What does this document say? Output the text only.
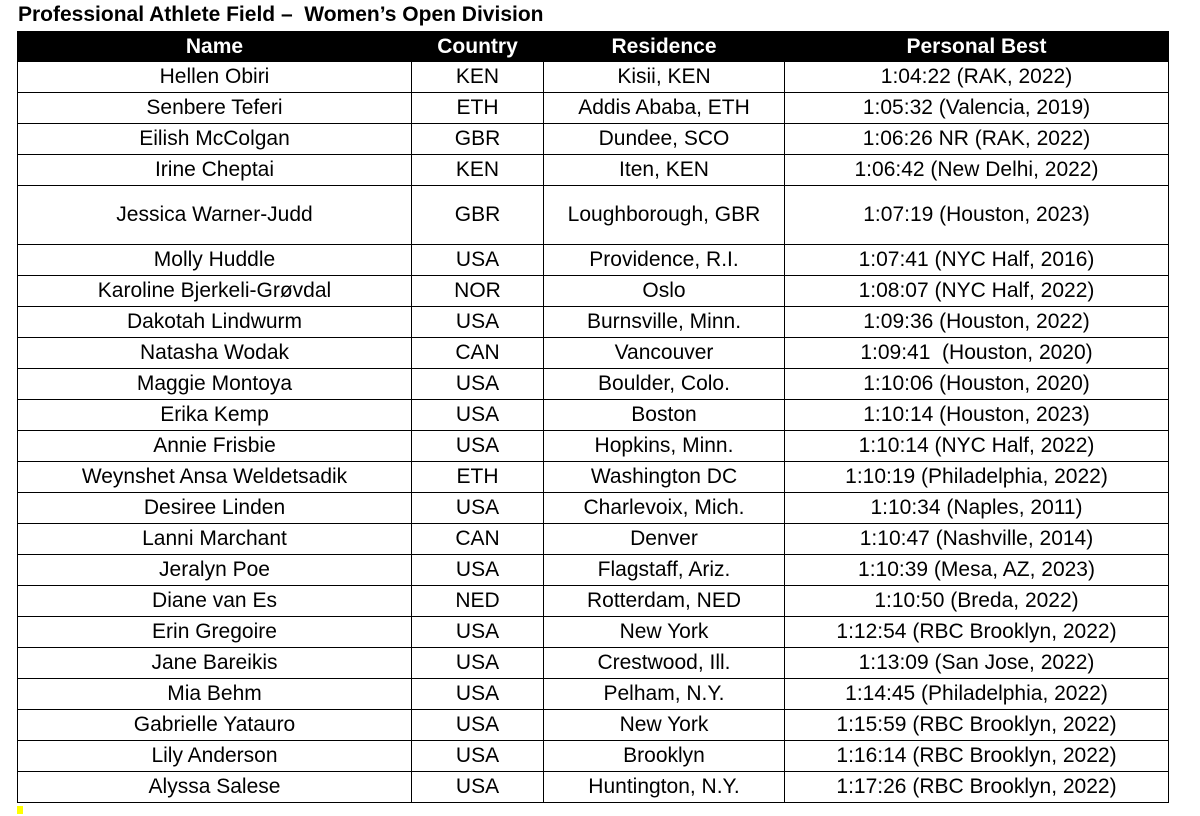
Professional Athlete Field –  Women’s Open Division
Name	Country	Residence	Personal Best
Hellen Obiri	KEN	Kisii, KEN	1:04:22 (RAK, 2022)
Senbere Teferi	ETH	Addis Ababa, ETH	1:05:32 (Valencia, 2019)
Eilish McColgan	GBR	Dundee, SCO	1:06:26 NR (RAK, 2022)
Irine Cheptai	KEN	Iten, KEN	1:06:42 (New Delhi, 2022)
Jessica Warner-Judd	GBR	Loughborough, GBR	1:07:19 (Houston, 2023)
Molly Huddle	USA	Providence, R.I.	1:07:41 (NYC Half, 2016)
Karoline Bjerkeli-Grøvdal	NOR	Oslo	1:08:07 (NYC Half, 2022)
Dakotah Lindwurm	USA	Burnsville, Minn.	1:09:36 (Houston, 2022)
Natasha Wodak	CAN	Vancouver	1:09:41  (Houston, 2020)
Maggie Montoya	USA	Boulder, Colo.	1:10:06 (Houston, 2020)
Erika Kemp	USA	Boston	1:10:14 (Houston, 2023)
Annie Frisbie	USA	Hopkins, Minn.	1:10:14 (NYC Half, 2022)
Weynshet Ansa Weldetsadik	ETH	Washington DC	1:10:19 (Philadelphia, 2022)
Desiree Linden	USA	Charlevoix, Mich.	1:10:34 (Naples, 2011)
Lanni Marchant	CAN	Denver	1:10:47 (Nashville, 2014)
Jeralyn Poe	USA	Flagstaff, Ariz.	1:10:39 (Mesa, AZ, 2023)
Diane van Es	NED	Rotterdam, NED	1:10:50 (Breda, 2022)
Erin Gregoire	USA	New York	1:12:54 (RBC Brooklyn, 2022)
Jane Bareikis	USA	Crestwood, Ill.	1:13:09 (San Jose, 2022)
Mia Behm	USA	Pelham, N.Y.	1:14:45 (Philadelphia, 2022)
Gabrielle Yatauro	USA	New York	1:15:59 (RBC Brooklyn, 2022)
Lily Anderson	USA	Brooklyn	1:16:14 (RBC Brooklyn, 2022)
Alyssa Salese	USA	Huntington, N.Y.	1:17:26 (RBC Brooklyn, 2022)
